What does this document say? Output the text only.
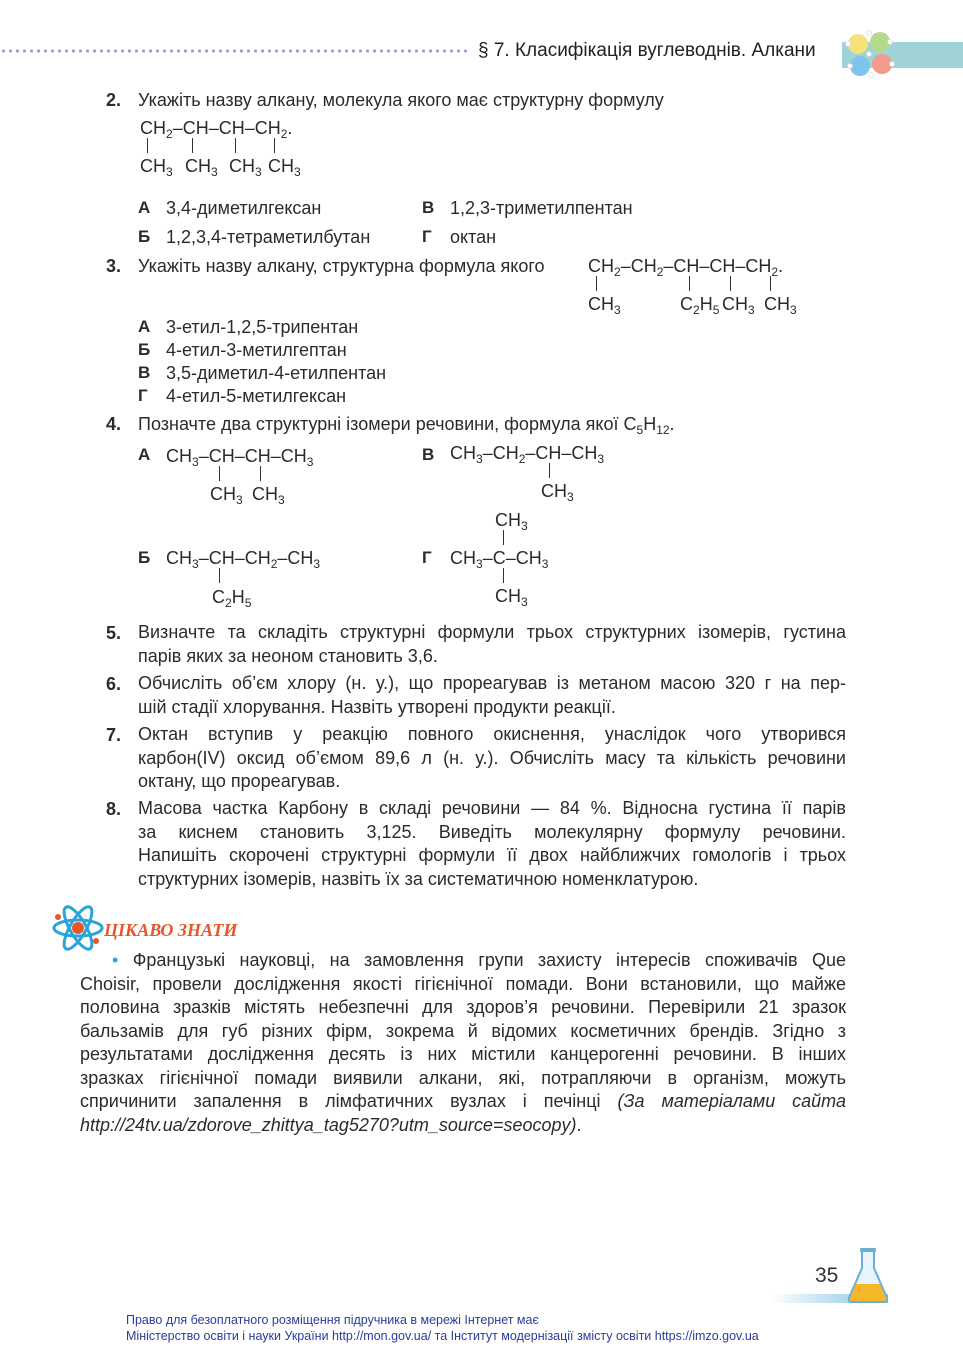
§ 7. Класифікація вуглеводнів. Алкани
2. Укажіть назву алкану, молекула якого має структурну формулу
$CH_2-CH-CH-CH_2$.
$CH_3$ $CH_3$ $CH_3$ $CH_3$
А 3,4-диметилгексан
Б 1,2,3,4-тетраметилбутан
В 1,2,3-триметилпентан
Г октан
3. Укажіть назву алкану, структурна формула якого $CH_2-CH_2-CH-CH-CH_2$.
$CH_3$	$C_2H_5$ $CH_3$ $CH_3$
А 3-етил-1,2,5-трипентан
Б 4-етил-3-метилгептан
В 3,5-диметил-4-етилпентан
Г 4-етил-5-метилгексан
4. Позначте два структурні ізомери речовини, формула якої $C_5H_{12}$.
А $CH_3-CH-CH-CH_3$
$CH_3$ $CH_3$
В $CH_3-CH_2-CH-CH_3$
$CH_3$
Б $CH_3-CH-CH_2-CH_3$
$C_2H_5$
Г
$CH_3$
$CH_3-C-CH_3$
$CH_3$
5. Визначте та складіть структурні формули трьох структурних ізомерів, густина
парів яких за неоном становить 3,6.
6. Обчисліть об’єм хлору (н. у.), що прореагував із метаном масою 320 г на пер-
шій стадії хлорування. Назвіть утворені продукти реакції.
7. Октан вступив у реакцію повного окиснення, унаслідок чого утворився
карбон(IV) оксид об’ємом 89,6 л (н. у.). Обчисліть масу та кількість речовини
октану, що прореагував.
8. Масова частка Карбону в складі речовини — 84 %. Відносна густина її парів
за киснем становить 3,125. Виведіть молекулярну формулу речовини.
Напишіть скорочені структурні формули її двох найближчих гомологів і трьох
структурних ізомерів, назвіть їх за систематичною номенклатурою.
ЦІКАВО ЗНАТИ
• Французькі науковці, на замовлення групи захисту інтересів споживачів Que
Choisir, провели дослідження якості гігієнічної помади. Вони встановили, що майже
половина зразків містять небезпечні для здоров’я речовини. Перевірили 21 зразок
бальзамів для губ різних фірм, зокрема й відомих косметичних брендів. Згідно з
результатами дослідження десять із них містили канцерогенні речовини. В інших
зразках гігієнічної помади виявили алкани, які, потрапляючи в організм, можуть
спричинити запалення в лімфатичних вузлах і печінці (За матеріалами сайта
http://24tv.ua/zdorove_zhittya_tag5270?utm_source=seocopy).
35
Право для безоплатного розміщення підручника в мережі Інтернет має
Міністерство освіти і науки України http://mon.gov.ua/ та Інститут модернізації змісту освіти https://imzo.gov.ua
